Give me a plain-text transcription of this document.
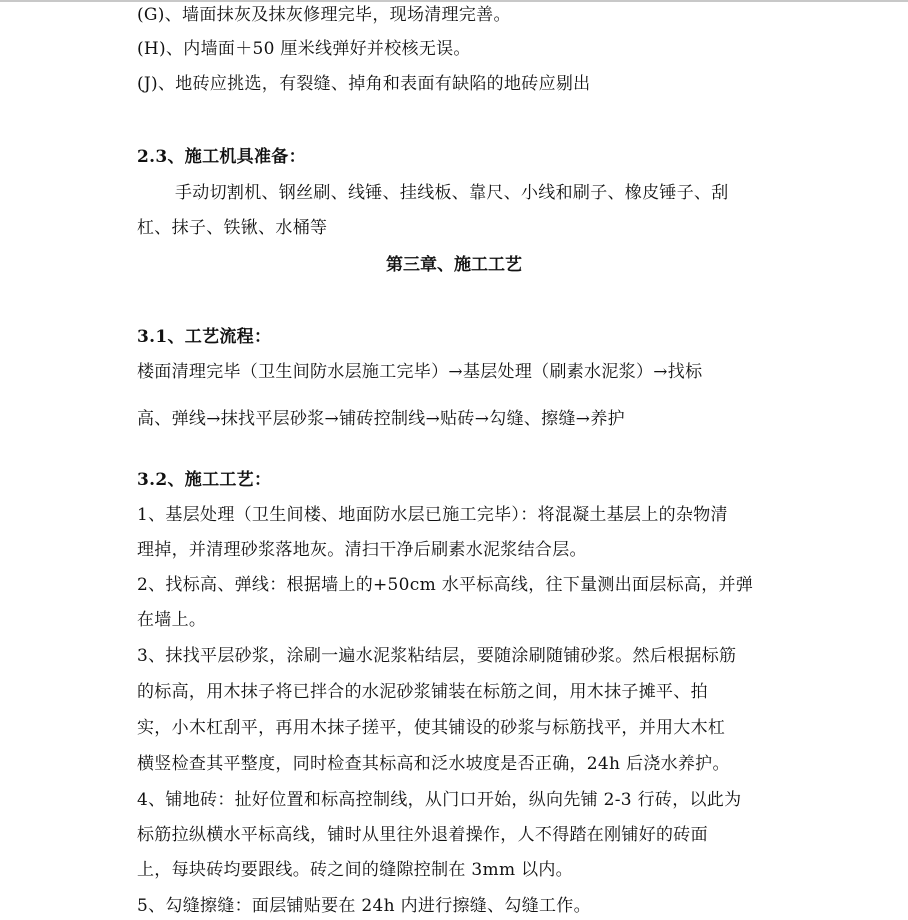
(G)、墙面抹灰及抹灰修理完毕，现场清理完善。
(H)、内墙面＋50 厘米线弹好并校核无误。
(J)、地砖应挑选，有裂缝、掉角和表面有缺陷的地砖应剔出
2.3、施工机具准备：
手动切割机、钢丝刷、线锤、挂线板、靠尺、小线和刷子、橡皮锤子、刮
杠、抹子、铁锹、水桶等
第三章、施工工艺
3.1、工艺流程：
楼面清理完毕（卫生间防水层施工完毕）→基层处理（刷素水泥浆）→找标
高、弹线→抹找平层砂浆→铺砖控制线→贴砖→勾缝、擦缝→养护
3.2、施工工艺：
1、基层处理（卫生间楼、地面防水层已施工完毕）：将混凝土基层上的杂物清
理掉，并清理砂浆落地灰。清扫干净后刷素水泥浆结合层。
2、找标高、弹线：根据墙上的+50cm 水平标高线，往下量测出面层标高，并弹
在墙上。
3、抹找平层砂浆，涂刷一遍水泥浆粘结层，要随涂刷随铺砂浆。然后根据标筋
的标高，用木抹子将已拌合的水泥砂浆铺装在标筋之间，用木抹子摊平、拍
实，小木杠刮平，再用木抹子搓平，使其铺设的砂浆与标筋找平，并用大木杠
横竖检查其平整度，同时检查其标高和泛水坡度是否正确，24h 后浇水养护。
4、铺地砖：扯好位置和标高控制线，从门口开始，纵向先铺 2-3 行砖，以此为
标筋拉纵横水平标高线，铺时从里往外退着操作，人不得踏在刚铺好的砖面
上，每块砖均要跟线。砖之间的缝隙控制在 3mm 以内。
5、勾缝擦缝：面层铺贴要在 24h 内进行擦缝、勾缝工作。
